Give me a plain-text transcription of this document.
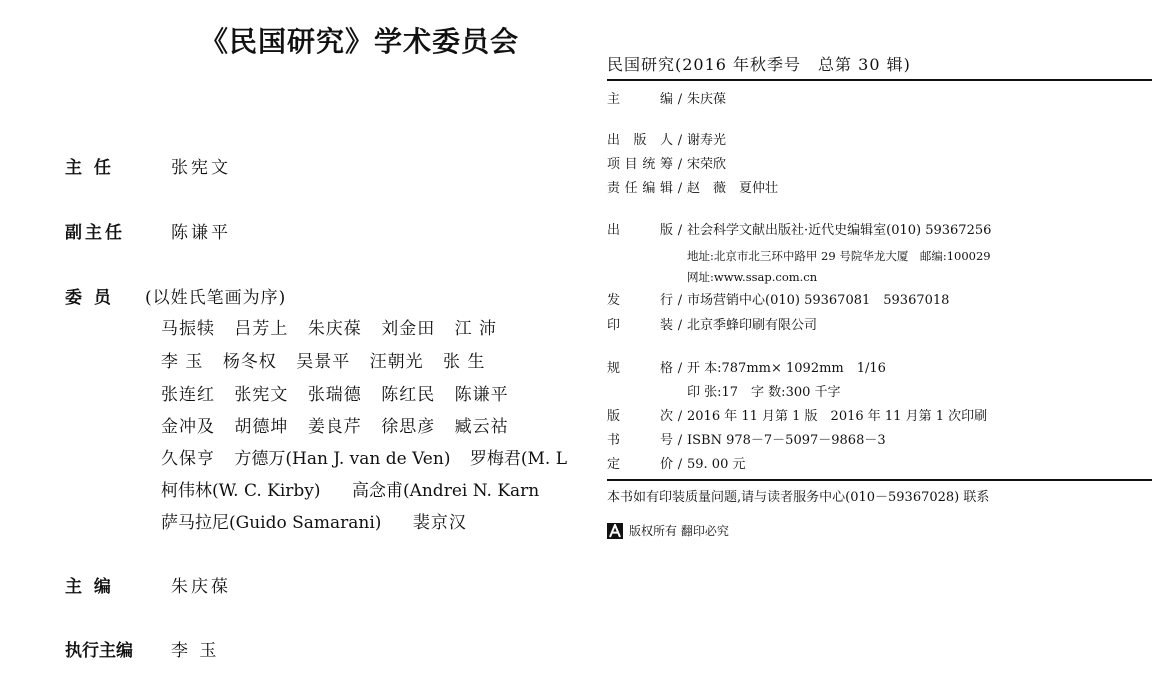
《民国研究》学术委员会
主 任	张宪文
副主任	陈谦平
委 员 (以姓氏笔画为序)
马振犊 吕芳上 朱庆葆 刘金田 江 沛
李 玉 杨冬权 吴景平 汪朝光 张 生
张连红 张宪文 张瑞德 陈红民 陈谦平
金冲及 胡德坤 姜良芹 徐思彦 臧云祜
久保亨 方德万(Han J. van de Ven) 罗梅君(M. L
柯伟林(W. C. Kirby) 高念甫(Andrei N. Karn
萨马拉尼(Guido Samarani) 裴京汉
主 编	朱庆葆
执行主编 李 玉
民国研究(2016 年秋季号　总第 30 辑)
主 编 / 朱庆葆
出 版 人 / 谢寿光
项目统筹 / 宋荣欣
责任编辑 / 赵　薇　夏仲壮
出 版 / 社会科学文献出版社·近代史编辑室(010) 59367256
地址:北京市北三环中路甲 29 号院华龙大厦　邮编:100029
网址:www.ssap.com.cn
发 行 / 市场营销中心(010) 59367081　59367018
印 装 / 北京季蜂印刷有限公司
规 格 / 开 本:787mm× 1092mm　1/16
印 张:17　字 数:300 千字
版 次 / 2016 年 11 月第 1 版　2016 年 11 月第 1 次印刷
书 号 / ISBN 978－7－5097－9868－3
定 价 / 59. 00 元
本书如有印装质量问题,请与读者服务中心(010－59367028) 联系
版权所有 翻印必究
